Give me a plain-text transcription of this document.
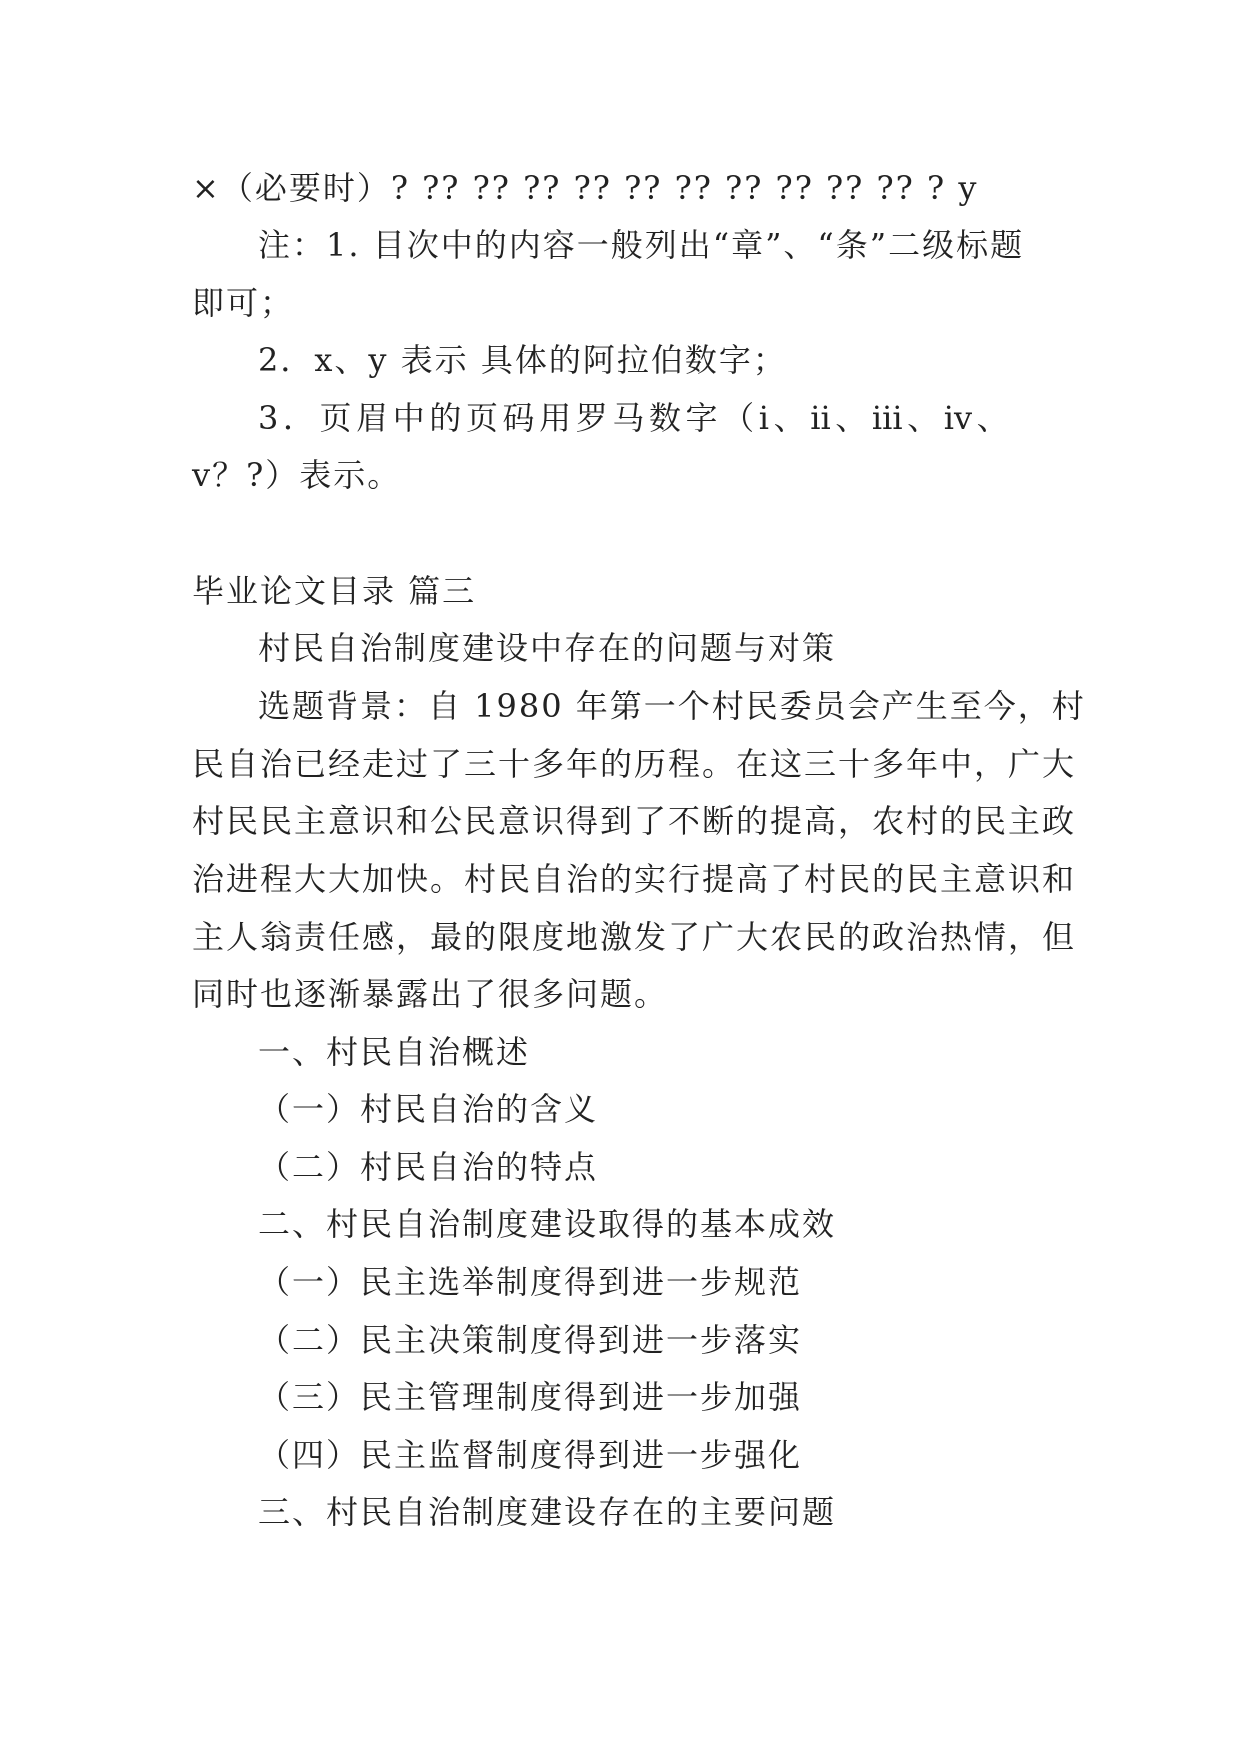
×（必要时）? ?? ?? ?? ?? ?? ?? ?? ?? ?? ?? ? y
注：1. 目次中的内容一般列出“章”、“条”二级标题
即可；
2．x、y 表示 具体的阿拉伯数字；
3．页眉中的页码用罗马数字（ⅰ、ⅱ、ⅲ、ⅳ、
ⅴ？?）表示。
毕业论文目录 篇三
村民自治制度建设中存在的问题与对策
选题背景：自 1980 年第一个村民委员会产生至今，村
民自治已经走过了三十多年的历程。在这三十多年中，广大
村民民主意识和公民意识得到了不断的提高，农村的民主政
治进程大大加快。村民自治的实行提高了村民的民主意识和
主人翁责任感，最的限度地激发了广大农民的政治热情，但
同时也逐渐暴露出了很多问题。
一、村民自治概述
（一）村民自治的含义
（二）村民自治的特点
二、村民自治制度建设取得的基本成效
（一）民主选举制度得到进一步规范
（二）民主决策制度得到进一步落实
（三）民主管理制度得到进一步加强
（四）民主监督制度得到进一步强化
三、村民自治制度建设存在的主要问题
